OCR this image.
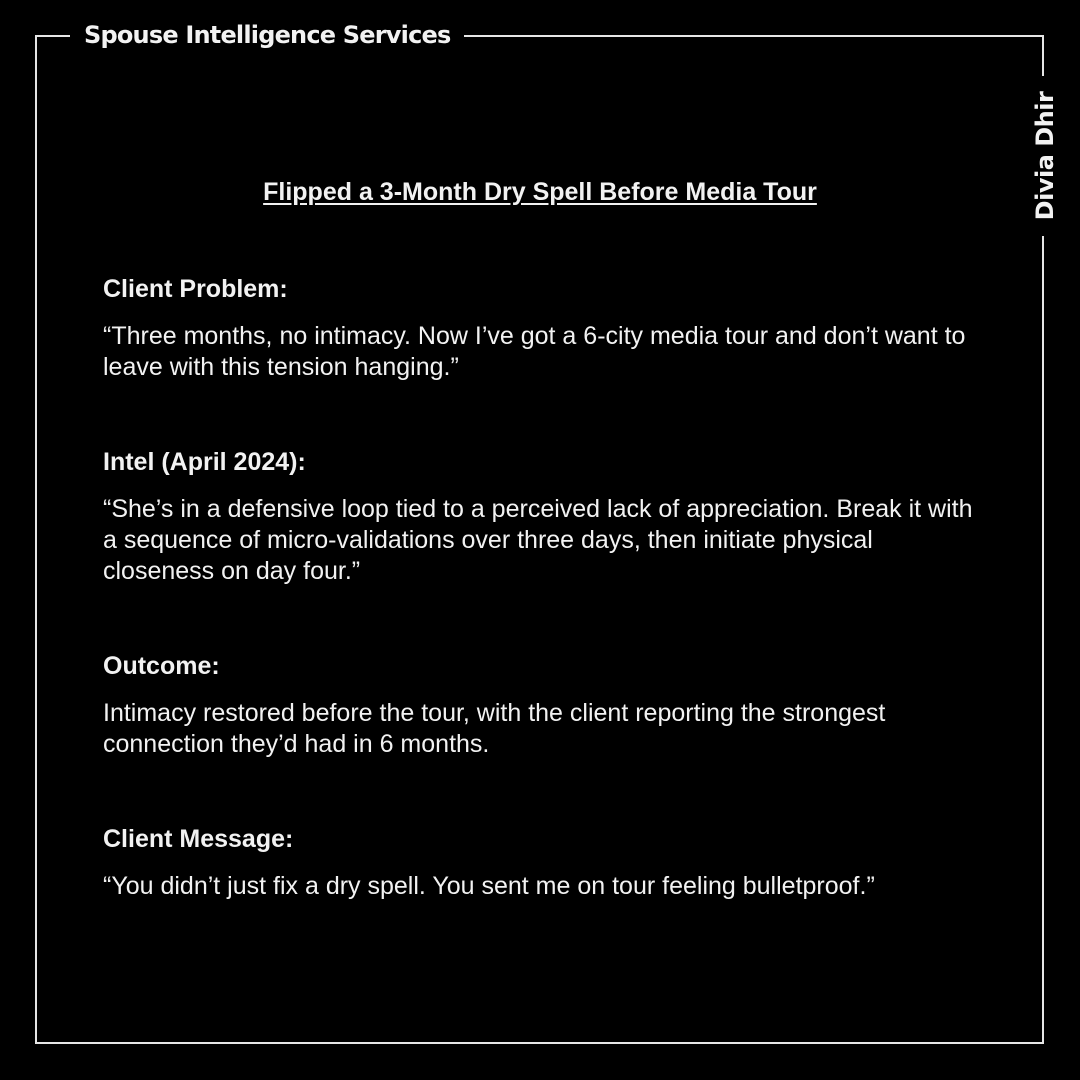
Spouse Intelligence Services
Divia Dhir
Flipped a 3-Month Dry Spell Before Media Tour

Client Problem:

“Three months, no intimacy. Now I’ve got a 6-city media tour and don’t want to leave with this tension hanging.”

Intel (April 2024):

“She’s in a defensive loop tied to a perceived lack of appreciation. Break it with a sequence of micro-validations over three days, then initiate physical closeness on day four.”

Outcome:

Intimacy restored before the tour, with the client reporting the strongest connection they’d had in 6 months.

Client Message:

“You didn’t just fix a dry spell. You sent me on tour feeling bulletproof.”
